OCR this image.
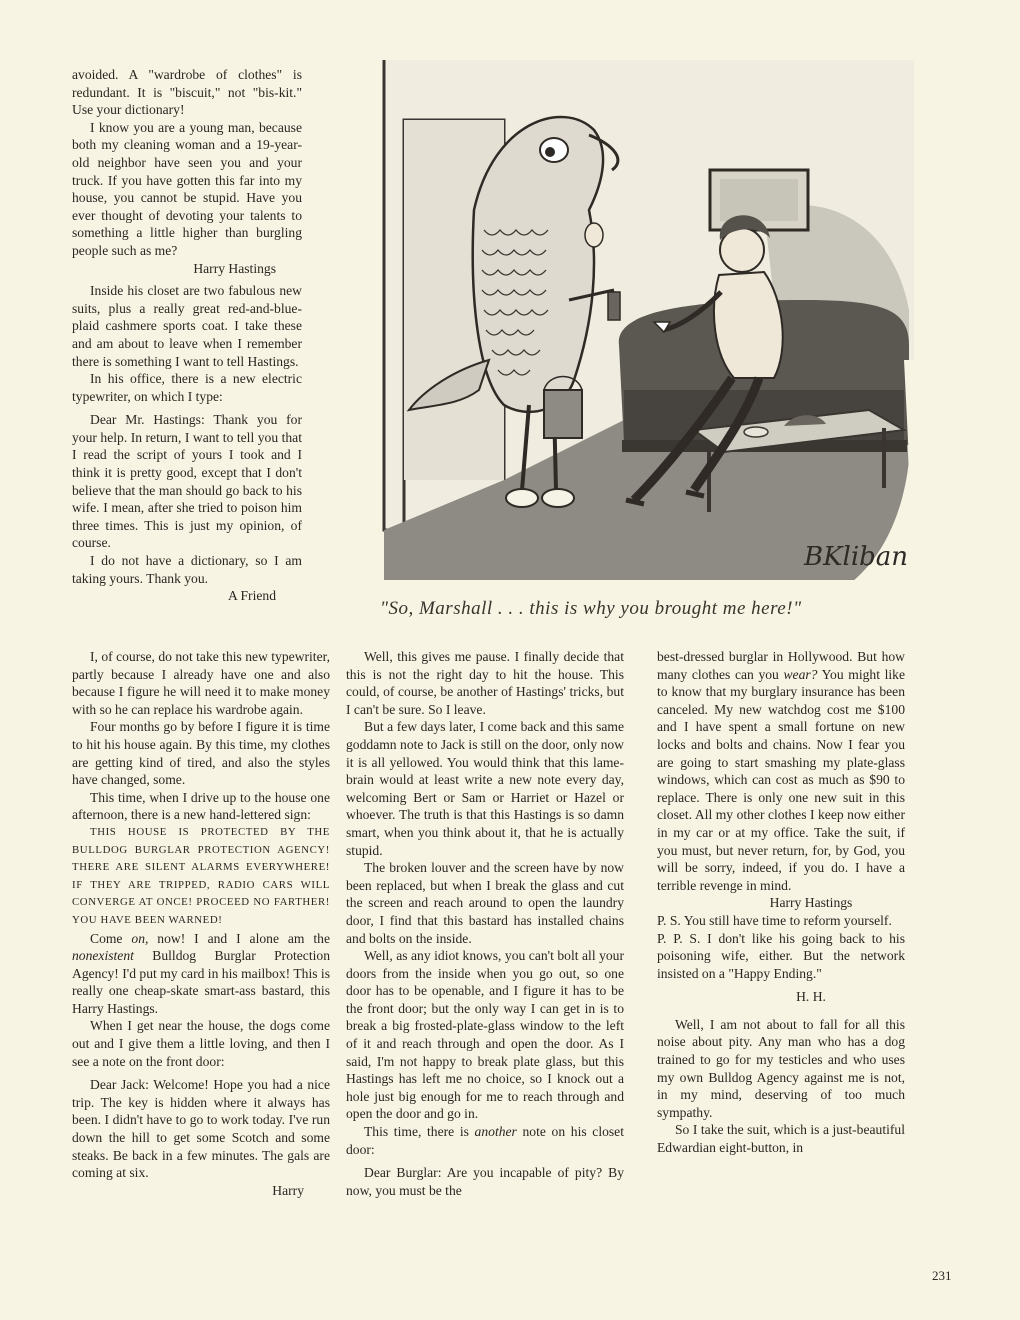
avoided. A "wardrobe of clothes" is redundant. It is "biscuit," not "bis-kit." Use your dictionary!

I know you are a young man, because both my cleaning woman and a 19-year-old neighbor have seen you and your truck. If you have gotten this far into my house, you cannot be stupid. Have you ever thought of devoting your talents to something a little higher than burgling people such as me?

Harry Hastings

Inside his closet are two fabulous new suits, plus a really great red-and-blue-plaid cashmere sports coat. I take these and am about to leave when I remember there is something I want to tell Hastings.

In his office, there is a new electric typewriter, on which I type:

Dear Mr. Hastings: Thank you for your help. In return, I want to tell you that I read the script of yours I took and I think it is pretty good, except that I don't believe that the man should go back to his wife. I mean, after she tried to poison him three times. This is just my opinion, of course.

I do not have a dictionary, so I am taking yours. Thank you.

A Friend

BKliban
"So, Marshall . . . this is why you brought me here!"

I, of course, do not take this new typewriter, partly because I already have one and also because I figure he will need it to make money with so he can replace his wardrobe again.

Four months go by before I figure it is time to hit his house again. By this time, my clothes are getting kind of tired, and also the styles have changed, some.

This time, when I drive up to the house one afternoon, there is a new hand-lettered sign:

THIS HOUSE IS PROTECTED BY THE BULLDOG BURGLAR PROTECTION AGENCY! THERE ARE SILENT ALARMS EVERYWHERE! IF THEY ARE TRIPPED, RADIO CARS WILL CONVERGE AT ONCE! PROCEED NO FARTHER! YOU HAVE BEEN WARNED!

Come on, now! I and I alone am the nonexistent Bulldog Burglar Protection Agency! I'd put my card in his mailbox! This is really one cheap-skate smart-ass bastard, this Harry Hastings.

When I get near the house, the dogs come out and I give them a little loving, and then I see a note on the front door:

Dear Jack: Welcome! Hope you had a nice trip. The key is hidden where it always has been. I didn't have to go to work today. I've run down the hill to get some Scotch and some steaks. Be back in a few minutes. The gals are coming at six.

Harry

Well, this gives me pause. I finally decide that this is not the right day to hit the house. This could, of course, be another of Hastings' tricks, but I can't be sure. So I leave.

But a few days later, I come back and this same goddamn note to Jack is still on the door, only now it is all yellowed. You would think that this lame-brain would at least write a new note every day, welcoming Bert or Sam or Harriet or Hazel or whoever. The truth is that this Hastings is so damn smart, when you think about it, that he is actually stupid.

The broken louver and the screen have by now been replaced, but when I break the glass and cut the screen and reach around to open the laundry door, I find that this bastard has installed chains and bolts on the inside.

Well, as any idiot knows, you can't bolt all your doors from the inside when you go out, so one door has to be openable, and I figure it has to be the front door; but the only way I can get in is to break a big frosted-plate-glass window to the left of it and reach through and open the door. As I said, I'm not happy to break plate glass, but this Hastings has left me no choice, so I knock out a hole just big enough for me to reach through and open the door and go in.

This time, there is another note on his closet door:

Dear Burglar: Are you incapable of pity? By now, you must be the

best-dressed burglar in Hollywood. But how many clothes can you wear? You might like to know that my burglary insurance has been canceled. My new watchdog cost me $100 and I have spent a small fortune on new locks and bolts and chains. Now I fear you are going to start smashing my plate-glass windows, which can cost as much as $90 to replace. There is only one new suit in this closet. All my other clothes I keep now either in my car or at my office. Take the suit, if you must, but never return, for, by God, you will be sorry, indeed, if you do. I have a terrible revenge in mind.

Harry Hastings

P. S. You still have time to reform yourself.

P. P. S. I don't like his going back to his poisoning wife, either. But the network insisted on a "Happy Ending."

H. H.

Well, I am not about to fall for all this noise about pity. Any man who has a dog trained to go for my testicles and who uses my own Bulldog Agency against me is not, in my mind, deserving of too much sympathy.

So I take the suit, which is a just-beautiful Edwardian eight-button, in

231
